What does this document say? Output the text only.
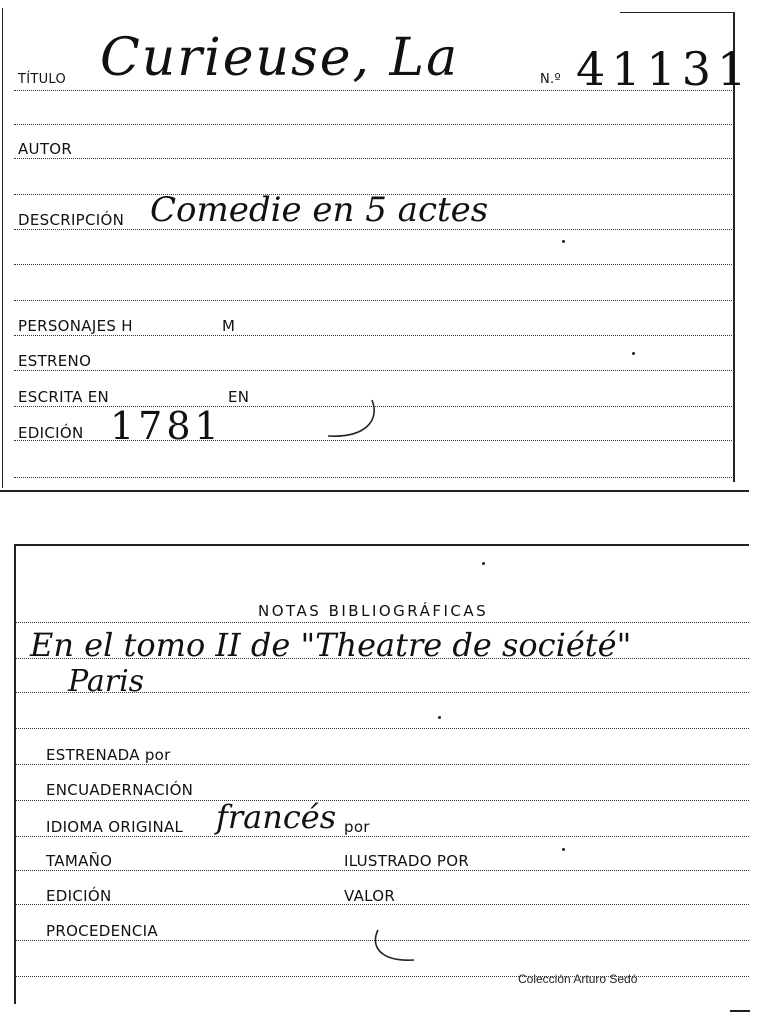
TÍTULO Curieuse, La	N.º 41131
AUTOR
DESCRIPCIÓN Comedie en 5 actes
PERSONAJES H	M
ESTRENO
ESCRITA EN	EN
EDICIÓN 1781
NOTAS BIBLIOGRÁFICAS
En el tomo II de "Theatre de société"
Paris
ESTRENADA por
ENCUADERNACIÓN
IDIOMA ORIGINAL francés por
TAMAÑO	ILUSTRADO POR
EDICIÓN	VALOR
PROCEDENCIA
Colección Arturo Sedó
